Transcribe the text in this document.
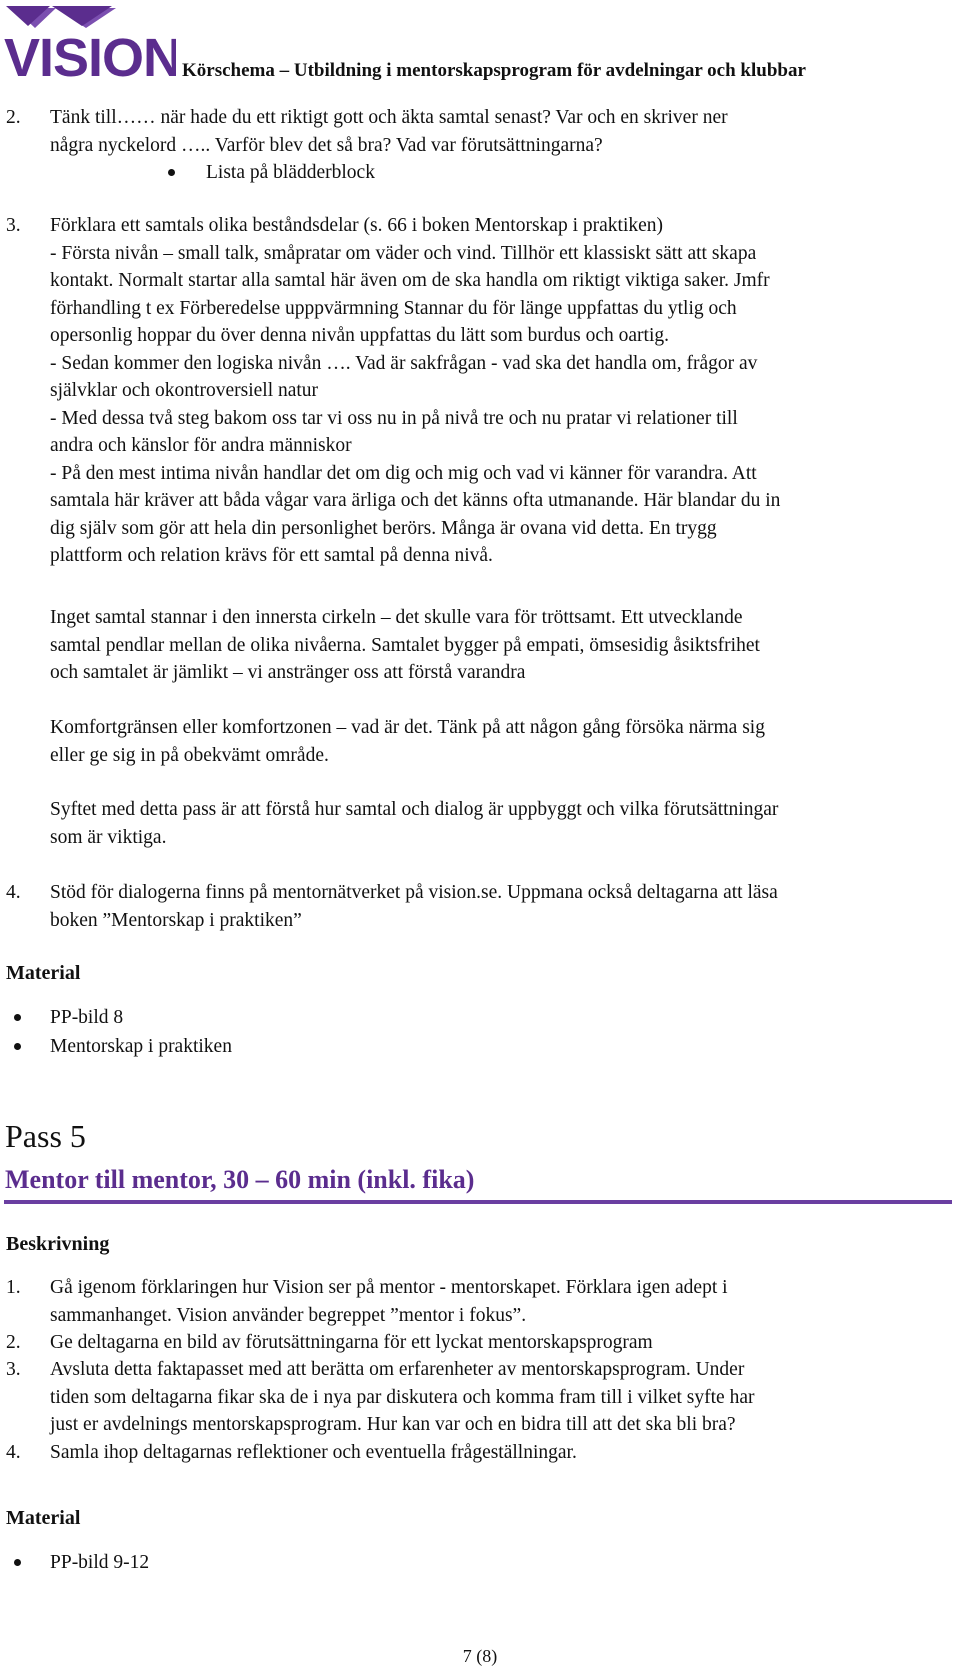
VISION Körschema – Utbildning i mentorskapsprogram för avdelningar och klubbar
2. Tänk till…… när hade du ett riktigt gott och äkta samtal senast? Var och en skriver ner
några nyckelord ….. Varför blev det så bra? Vad var förutsättningarna?
Lista på blädderblock
3. Förklara ett samtals olika beståndsdelar (s. 66 i boken Mentorskap i praktiken)
- Första nivån – small talk, småpratar om väder och vind. Tillhör ett klassiskt sätt att skapa
kontakt. Normalt startar alla samtal här även om de ska handla om riktigt viktiga saker. Jmfr
förhandling t ex Förberedelse upppvärmning Stannar du för länge uppfattas du ytlig och
opersonlig hoppar du över denna nivån uppfattas du lätt som burdus och oartig.
- Sedan kommer den logiska nivån …. Vad är sakfrågan - vad ska det handla om, frågor av
självklar och okontroversiell natur
- Med dessa två steg bakom oss tar vi oss nu in på nivå tre och nu pratar vi relationer till
andra och känslor för andra människor
- På den mest intima nivån handlar det om dig och mig och vad vi känner för varandra. Att
samtala här kräver att båda vågar vara ärliga och det känns ofta utmanande. Här blandar du in
dig själv som gör att hela din personlighet berörs. Många är ovana vid detta. En trygg
plattform och relation krävs för ett samtal på denna nivå.
Inget samtal stannar i den innersta cirkeln – det skulle vara för tröttsamt. Ett utvecklande
samtal pendlar mellan de olika nivåerna. Samtalet bygger på empati, ömsesidig åsiktsfrihet
och samtalet är jämlikt – vi anstränger oss att förstå varandra
Komfortgränsen eller komfortzonen – vad är det. Tänk på att någon gång försöka närma sig
eller ge sig in på obekvämt område.
Syftet med detta pass är att förstå hur samtal och dialog är uppbyggt och vilka förutsättningar
som är viktiga.
4. Stöd för dialogerna finns på mentornätverket på vision.se. Uppmana också deltagarna att läsa
boken ”Mentorskap i praktiken”
Material
PP-bild 8
Mentorskap i praktiken
Pass 5
Mentor till mentor, 30 – 60 min (inkl. fika)
Beskrivning
1. Gå igenom förklaringen hur Vision ser på mentor - mentorskapet. Förklara igen adept i
sammanhanget. Vision använder begreppet ”mentor i fokus”.
2. Ge deltagarna en bild av förutsättningarna för ett lyckat mentorskapsprogram
3. Avsluta detta faktapasset med att berätta om erfarenheter av mentorskapsprogram. Under
tiden som deltagarna fikar ska de i nya par diskutera och komma fram till i vilket syfte har
just er avdelnings mentorskapsprogram. Hur kan var och en bidra till att det ska bli bra?
4. Samla ihop deltagarnas reflektioner och eventuella frågeställningar.
Material
PP-bild 9-12
7 (8)
